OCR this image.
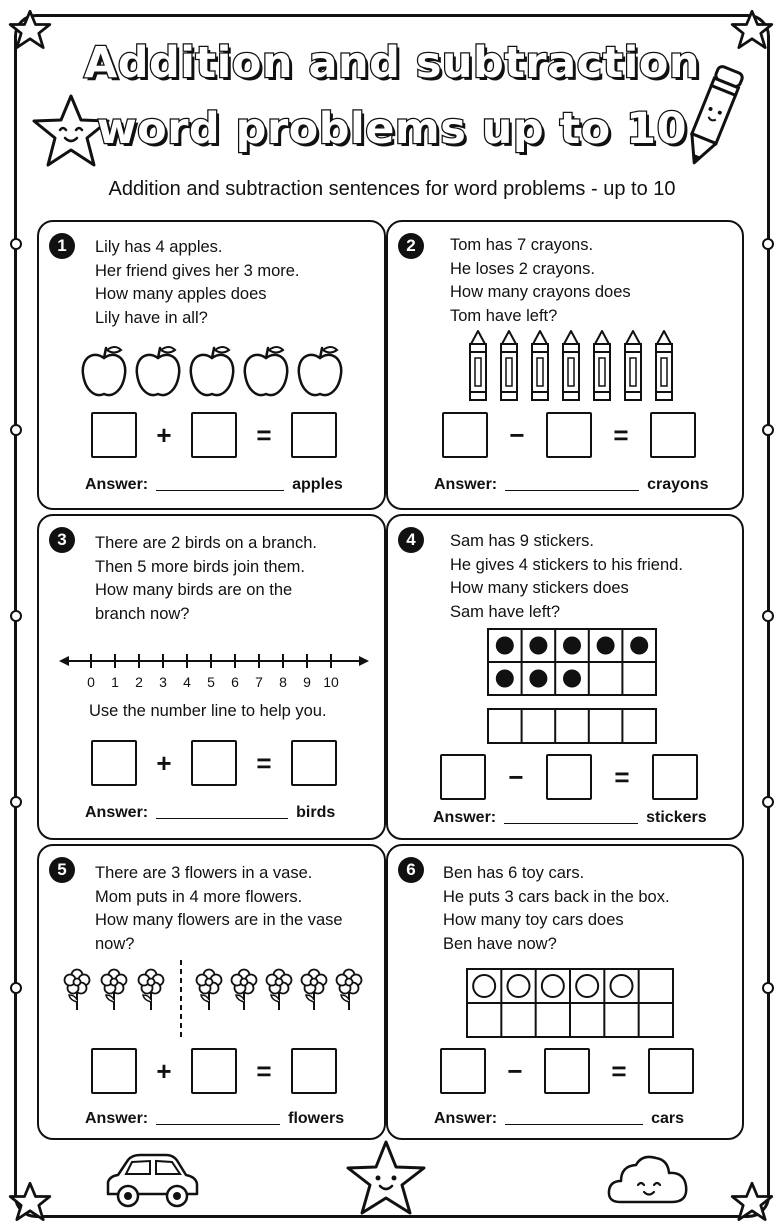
Addition and subtraction
word problems up to 10
Addition and subtraction sentences for word problems - up to 10
1	Lily has 4 apples.
Her friend gives her 3 more.
How many apples does
Lily have in all?
+	=
Answer:	apples
2	Tom has 7 crayons.
He loses 2 crayons.
How many crayons does
Tom have left?
−	=
Answer:	crayons
3	There are 2 birds on a branch.
Then 5 more birds join them.
How many birds are on the
branch now?
0 1 2 3 4 5 6 7 8 9 10
Use the number line to help you.
+	=
Answer:	birds
4	Sam has 9 stickers.
He gives 4 stickers to his friend.
How many stickers does
Sam have left?
−	=
Answer:	stickers
5	There are 3 flowers in a vase.
Mom puts in 4 more flowers.
How many flowers are in the vase
now?
+	=
Answer:	flowers
6	Ben has 6 toy cars.
He puts 3 cars back in the box.
How many toy cars does
Ben have now?
−	=
Answer:	cars
